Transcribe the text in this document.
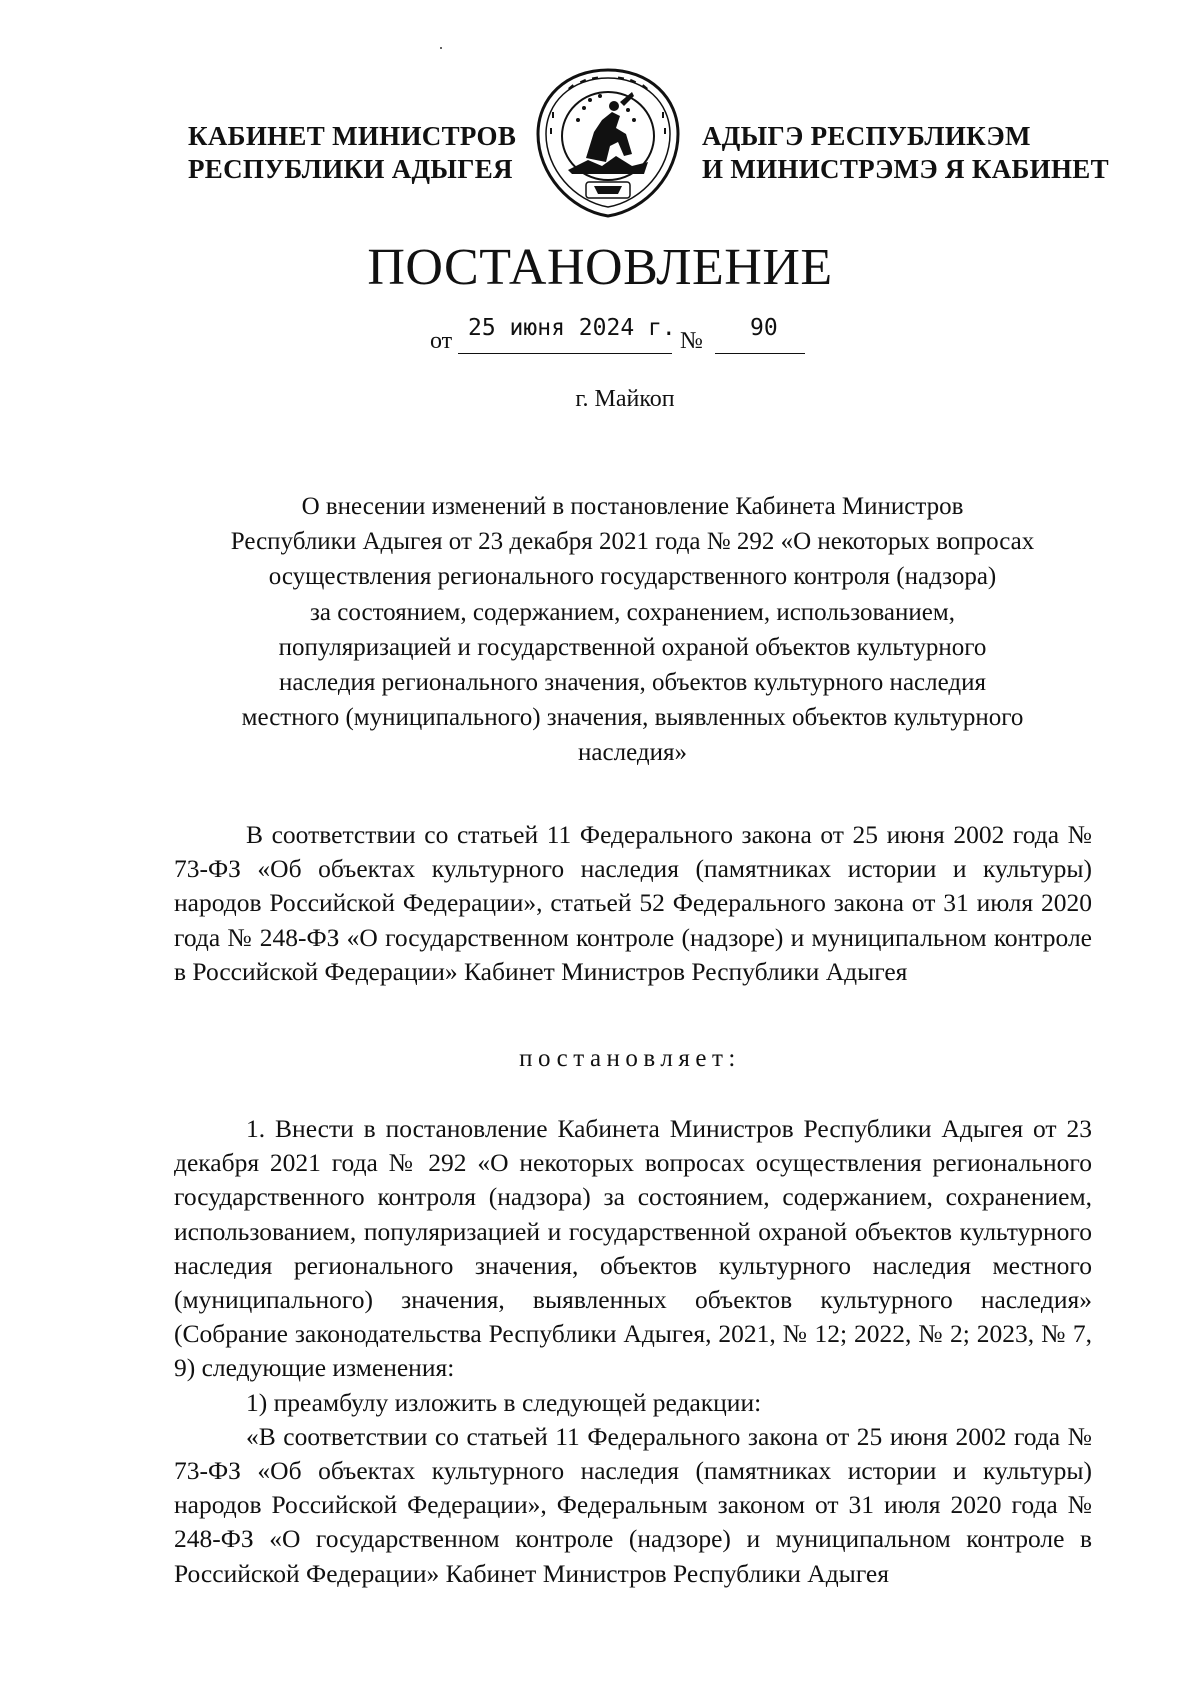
КАБИНЕТ МИНИСТРОВ
РЕСПУБЛИКИ АДЫГЕЯ
АДЫГЭ РЕСПУБЛИКЭМ
И МИНИСТРЭМЭ Я КАБИНЕТ
ПОСТАНОВЛЕНИЕ
от 25 июня 2024 г. № 90
г. Майкоп
О внесении изменений в постановление Кабинета Министров
Республики Адыгея от 23 декабря 2021 года № 292 «О некоторых вопросах
осуществления регионального государственного контроля (надзора)
за состоянием, содержанием, сохранением, использованием,
популяризацией и государственной охраной объектов культурного
наследия регионального значения, объектов культурного наследия
местного (муниципального) значения, выявленных объектов культурного
наследия»

В соответствии со статьей 11 Федерального закона от 25 июня 2002 года № 73-ФЗ «Об объектах культурного наследия (памятниках истории и культуры) народов Российской Федерации», статьей 52 Федерального закона от 31 июля 2020 года № 248-ФЗ «О государственном контроле (надзоре) и муниципальном контроле в Российской Федерации» Кабинет Министров Республики Адыгея

постановляет:

1. Внести в постановление Кабинета Министров Республики Адыгея от 23 декабря 2021 года № 292 «О некоторых вопросах осуществления регионального государственного контроля (надзора) за состоянием, содержанием, сохранением, использованием, популяризацией и государственной охраной объектов культурного наследия регионального значения, объектов культурного наследия местного (муниципального) значения, выявленных объектов культурного наследия» (Собрание законодательства Республики Адыгея, 2021, № 12; 2022, № 2; 2023, № 7, 9) следующие изменения:

1) преамбулу изложить в следующей редакции:

«В соответствии со статьей 11 Федерального закона от 25 июня 2002 года № 73-ФЗ «Об объектах культурного наследия (памятниках истории и культуры) народов Российской Федерации», Федеральным законом от 31 июля 2020 года № 248-ФЗ «О государственном контроле (надзоре) и муниципальном контроле в Российской Федерации» Кабинет Министров Республики Адыгея
